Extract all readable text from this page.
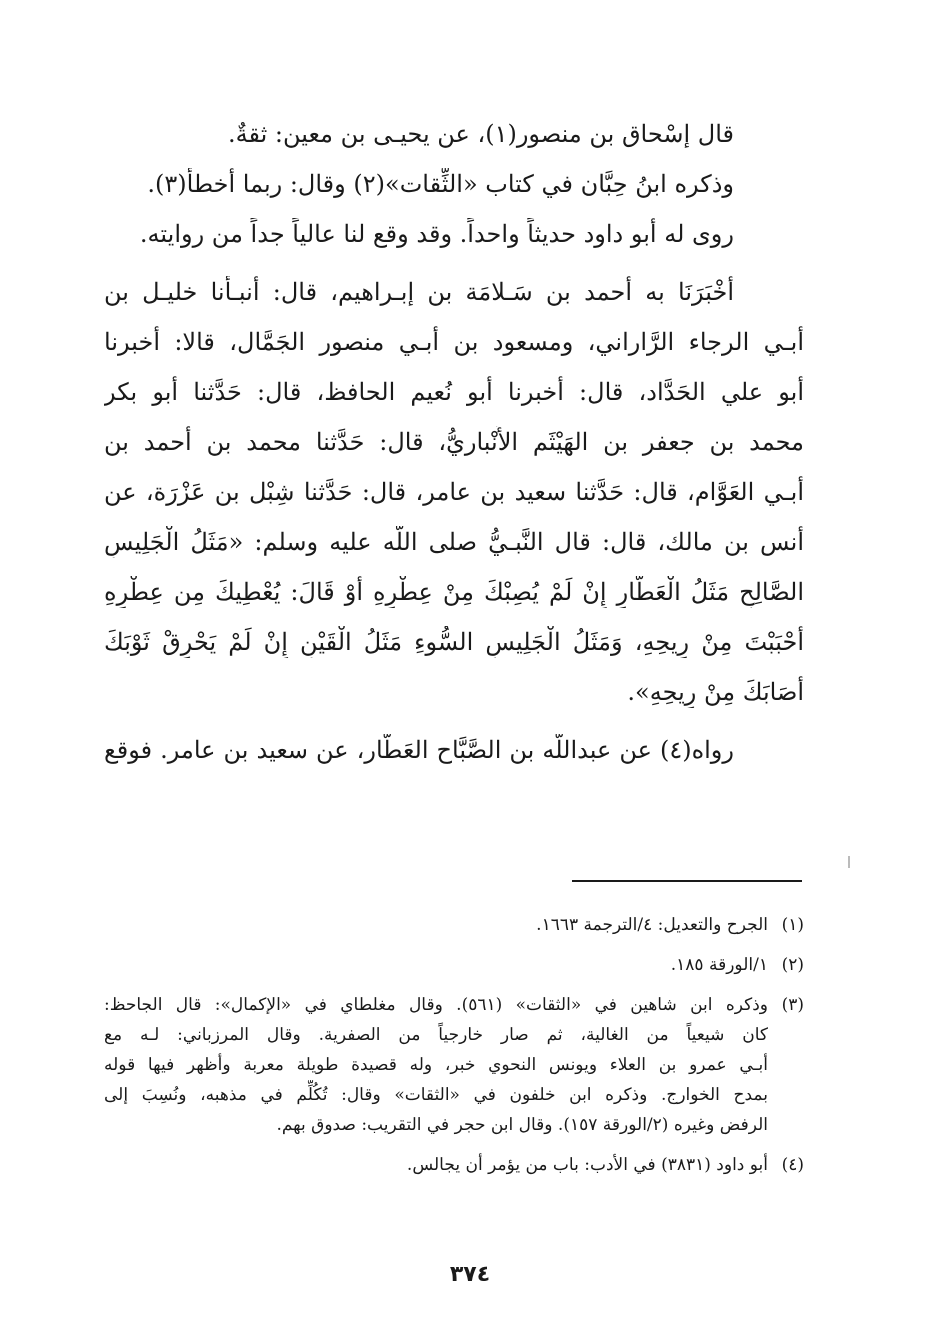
قال إسْحاق بن منصور(١)، عن يحيـى بن معين: ثقةٌ.
وذكره ابنُ حِبَّان في كتاب «الثِّقات»(٢) وقال: ربما أخطأ(٣).
روى له أبو داود حديثاً واحداً. وقد وقع لنا عالياً جداً من روايته.
أخْبَرَنَا به أحمد بن سَـلامَة بن إبـراهيم، قال: أنبـأنا خليـل بن
أبـي الرجاء الرَّاراني، ومسعود بن أبـي منصور الجَمَّال، قالا: أخبرنا
أبو علي الحَدَّاد، قال: أخبرنا أبو نُعيم الحافظ، قال: حَدَّثنا أبو بكر
محمد بن جعفر بن الهَيْثَم الأَنْباريُّ، قال: حَدَّثنا محمد بن أحمد بن
أبـي العَوَّام، قال: حَدَّثنا سعيد بن عامر، قال: حَدَّثنا شِبْل بن عَزْرَة، عن
أنس بن مالك، قال: قال النَّبـيُّ صلى اللَّه عليه وسلم: «مَثَلُ الْجَلِيسِ
الصَّالِحِ مَثَلُ الْعَطَّارِ إِنْ لَمْ يُصِبْكَ مِنْ عِطْرِهِ أَوْ قَالَ: يُعْطِيكَ مِن عِطْرِهِ
أَحْبَبْتَ مِنْ رِيحِهِ، وَمَثَلُ الْجَلِيسِ السُّوءِ مَثَلُ الْقَيْنِ إِنْ لَمْ يَحْرِقْ ثَوْبَكَ
أَصَابَكَ مِنْ رِيحِهِ».
رواه(٤) عن عبداللَّه بن الصَّبَّاح العَطَّار، عن سعيد بن عامر. فوقع
(١)
الجرح والتعديل: ٤/الترجمة ١٦٦٣.
(٢)
١/الورقة ١٨٥.
(٣)
وذكره ابن شاهين في «الثقات» (٥٦١). وقال مغلطاي في «الإكمال»: قال الجاحظ:
كان شيعياً من الغالية، ثم صار خارجياً من الصفرية. وقال المرزباني: لـه مع
أبـي عمرو بن العلاء ويونس النحوي خبر، وله قصيدة طويلة معربة وأظهر فيها قوله
بمدح الخوارج. وذكره ابن خلفون في «الثقات» وقال: تُكُلِّم في مذهبه، ونُسِبَ إلى
الرفض وغيره (٢/الورقة ١٥٧). وقال ابن حجر في التقريب: صدوق بهم.
(٤)
أبو داود (٣٨٣١) في الأدب: باب من يؤمر أن يجالس.
٣٧٤
